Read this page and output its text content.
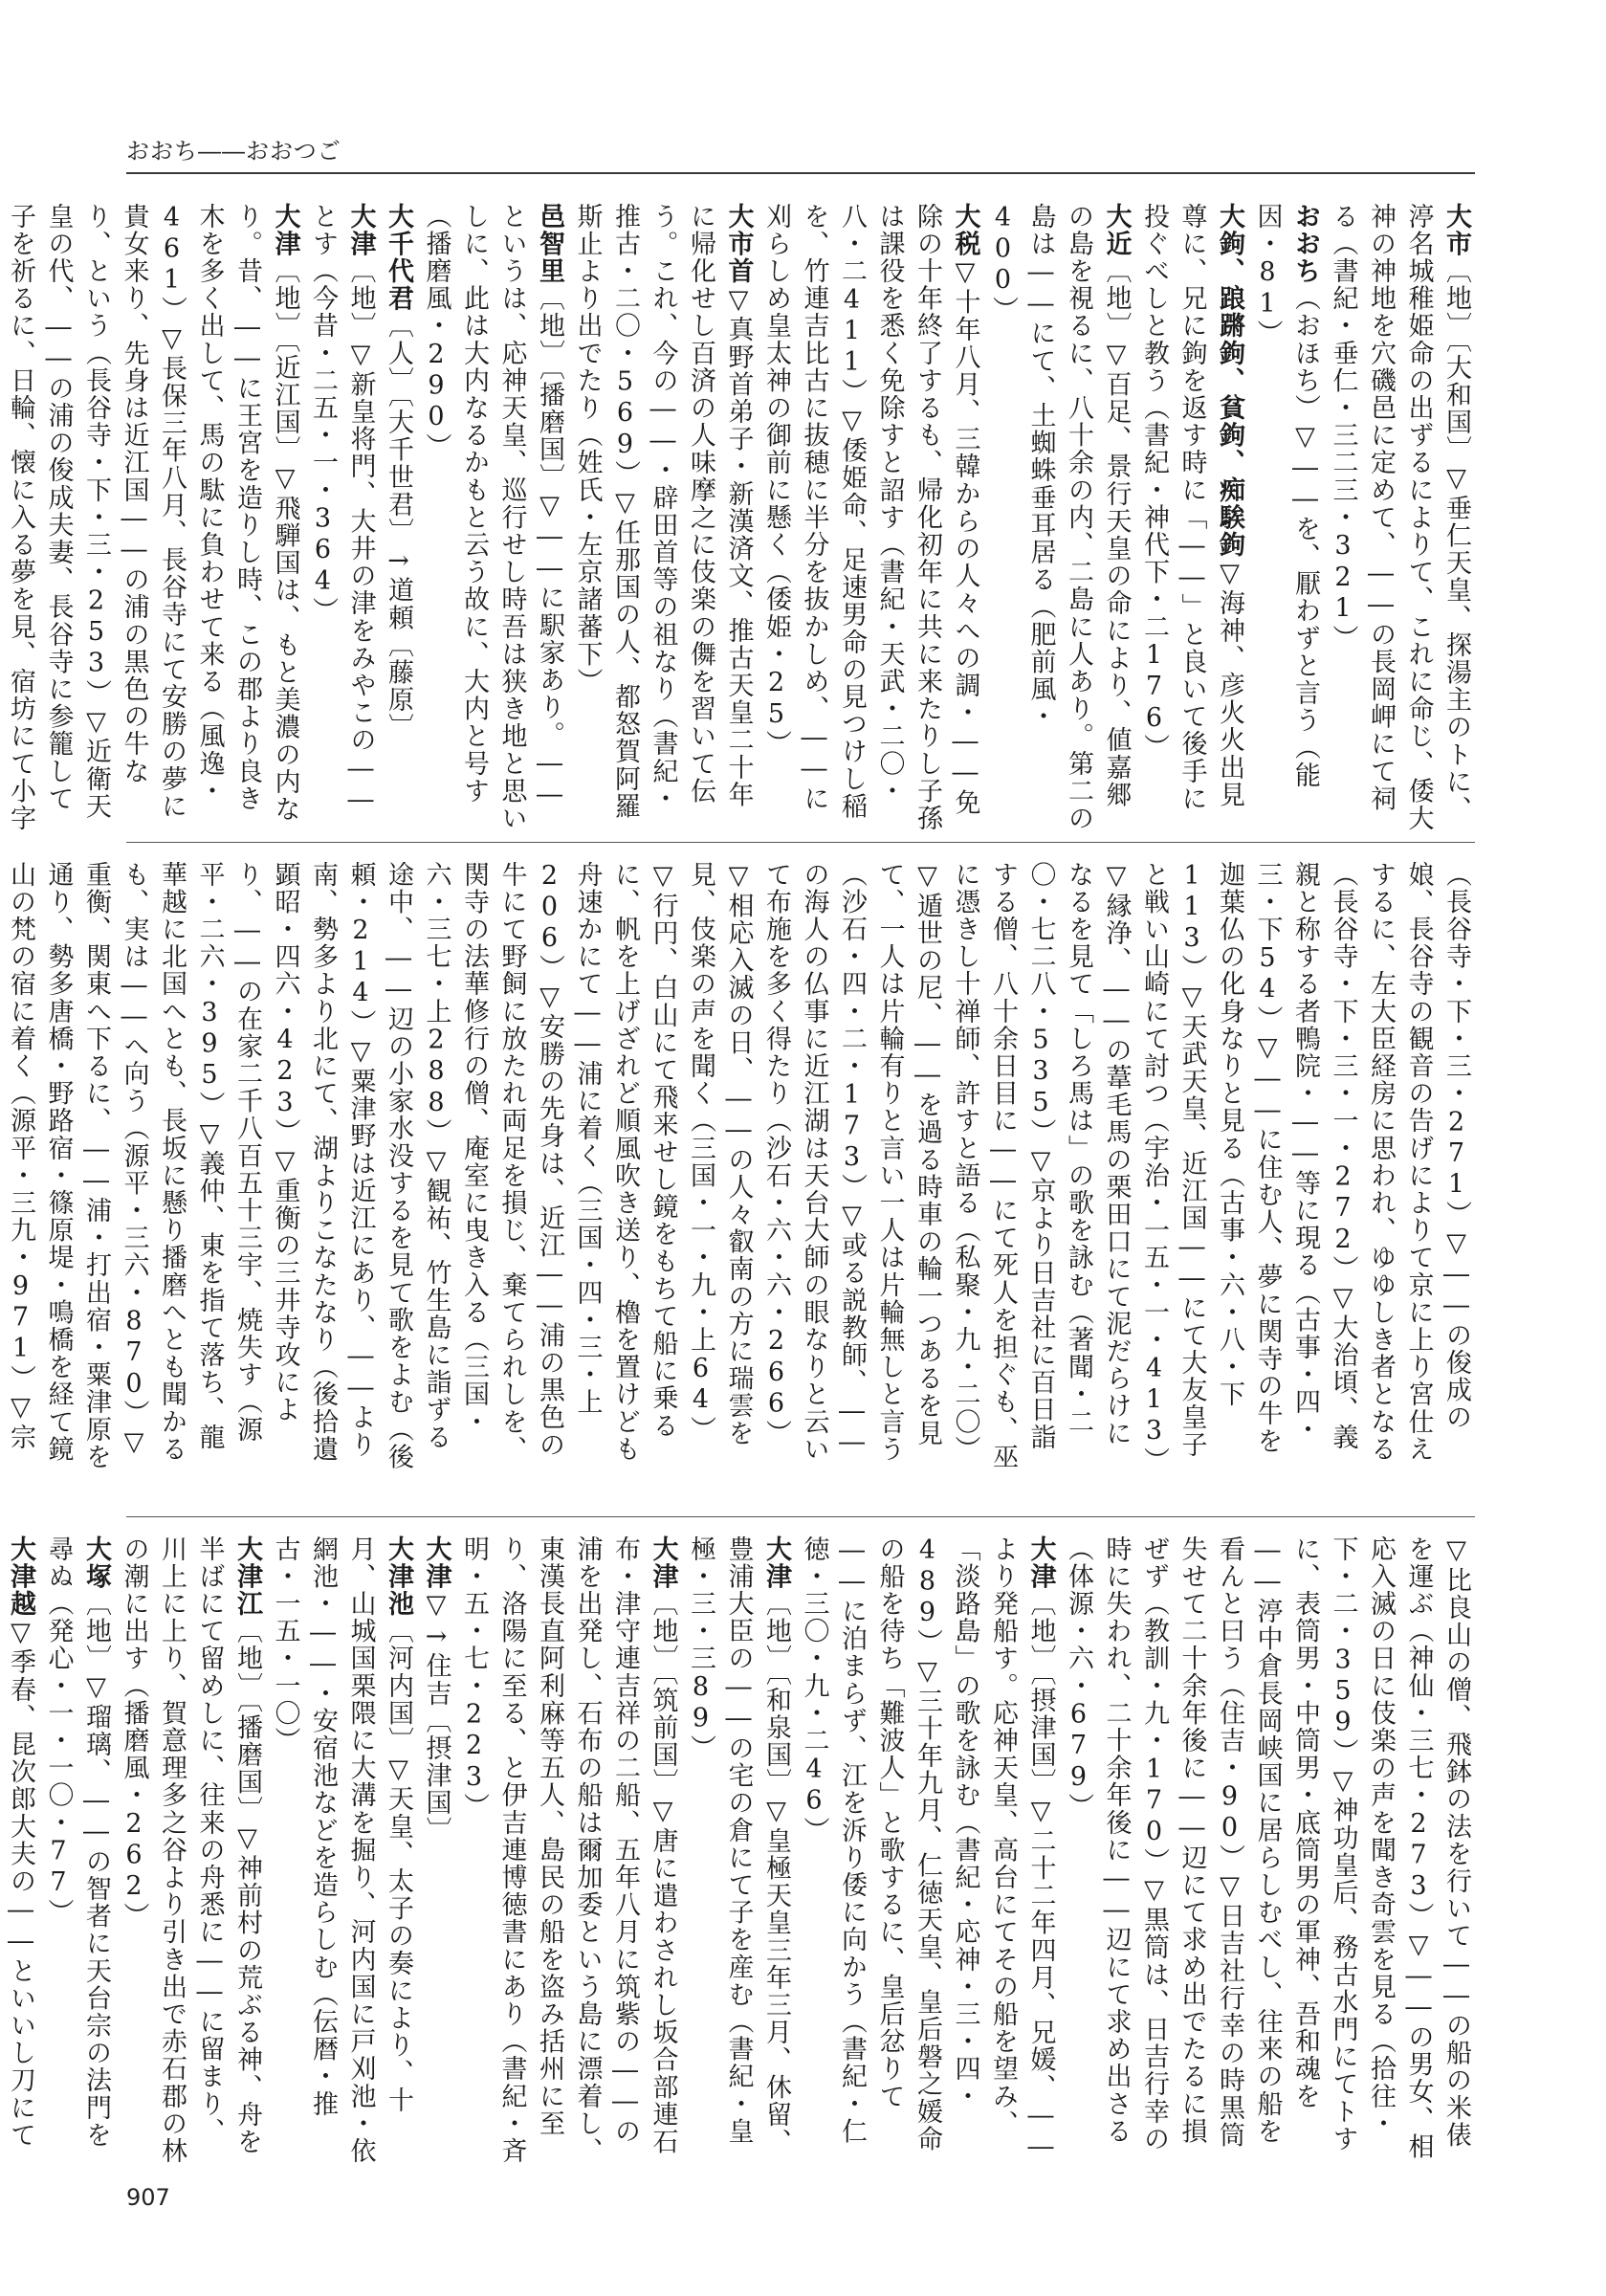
おおち――おおつご

大市〔地〕〔大和国〕▽垂仁天皇、探湯主のトに、渟名城稚姫命の出ずるによりて、これに命じ、倭大神の神地を穴磯邑に定めて、――の長岡岬にて祠る（書紀・垂仁・三二三・321）

おおち（おほち）▽――を、厭わずと言う（能因・81）

大鉤、踉蹡鉤、貧鉤、痴騃鉤▽海神、彦火火出見尊に、兄に鉤を返す時に「――」と良いて後手に投ぐべしと教う（書紀・神代下・二176）

大近〔地〕▽百足、景行天皇の命により、値嘉郷の島を視るに、八十余の内、二島に人あり。第二の島は――にて、土蜘蛛垂耳居る（肥前風・400）

大税▽十年八月、三韓からの人々への調・――免除の十年終了するも、帰化初年に共に来たりし子孫は課役を悉く免除すと詔す（書紀・天武・二〇・八・二411）▽倭姫命、足速男命の見つけし稲を、竹連吉比古に抜穂に半分を抜かしめ、――に刈らしめ皇太神の御前に懸く（倭姫・25）

大市首▽真野首弟子・新漢済文、推古天皇二十年に帰化せし百済の人味摩之に伎楽の儛を習いて伝う。これ、今の――・辟田首等の祖なり（書紀・推古・二〇・569）▽任那国の人、都怒賀阿羅斯止より出でたり（姓氏・左京諸蕃下）

邑智里〔地〕〔播磨国〕▽――に駅家あり。――というは、応神天皇、巡行せし時吾は狭き地と思いしに、此は大内なるかもと云う故に、大内と号す（播磨風・290）

大千代君〔人〕〔大千世君〕→道頼〔藤原〕

大津〔地〕▽新皇将門、大井の津をみやこの――とす（今昔・二五・一・364）

大津〔地〕〔近江国〕▽飛騨国は、もと美濃の内なり。昔、――に王宮を造りし時、この郡より良き木を多く出して、馬の駄に負わせて来る（風逸・461）▽長保三年八月、長谷寺にて安勝の夢に貴女来り、先身は近江国――の浦の黒色の牛なり、という（長谷寺・下・三・253）▽近衛天皇の代、――の浦の俊成夫妻、長谷寺に参籠して子を祈るに、日輪、懐に入る夢を見、宿坊にて小字

（長谷寺・下・三・271）▽――の俊成の娘、長谷寺の観音の告げによりて京に上り宮仕えするに、左大臣経房に思われ、ゆゆしき者となる（長谷寺・下・三・一・272）▽大治頃、義親と称する者鴨院・――等に現る（古事・四・三・下54）▽――に住む人、夢に関寺の牛を迦葉仏の化身なりと見る（古事・六・八・下113）▽天武天皇、近江国――にて大友皇子と戦い山崎にて討つ（宇治・一五・一・413）▽縁浄、――の葦毛馬の栗田口にて泥だらけになるを見て「しろ馬は」の歌を詠む（著聞・二〇・七二八・535）▽京より日吉社に百日詣する僧、八十余日目に――にて死人を担ぐも、巫に憑きし十禅師、許すと語る（私聚・九・二〇）▽遁世の尼、――を過る時車の輪一つあるを見て、一人は片輪有りと言い一人は片輪無しと言う（沙石・四・二・173）▽或る説教師、――の海人の仏事に近江湖は天台大師の眼なりと云いて布施を多く得たり（沙石・六・六・266）▽相応入滅の日、――の人々叡南の方に瑞雲を見、伎楽の声を聞く（三国・一・九・上64）▽行円、白山にて飛来せし鏡をもちて船に乗るに、帆を上げざれど順風吹き送り、櫓を置けども舟速かにて――浦に着く（三国・四・三・上206）▽安勝の先身は、近江――浦の黒色の牛にて野飼に放たれ両足を損じ、棄てられしを、関寺の法華修行の僧、庵室に曳き入る（三国・六・三七・上288）▽観祐、竹生島に詣ずる途中、――辺の小家水没するを見て歌をよむ（後頼・214）▽粟津野は近江にあり、――より南、勢多より北にて、湖よりこなたなり（後拾遺顕昭・四六・423）▽重衡の三井寺攻により、――の在家二千八百五十三宇、焼失す（源平・二六・395）▽義仲、東を指て落ち、龍華越に北国へとも、長坂に懸り播磨へとも聞かるも、実は――へ向う（源平・三六・870）▽重衡、関東へ下るに、――浦・打出宿・粟津原を通り、勢多唐橋・野路宿・篠原堤・鳴橋を経て鏡山の梵の宿に着く（源平・三九・971）▽宗

▽比良山の僧、飛鉢の法を行いて――の船の米俵を運ぶ（神仙・三七・273）▽――の男女、相応入滅の日に伎楽の声を聞き奇雲を見る（拾往・下・二・359）▽神功皇后、務古水門にてトすに、表筒男・中筒男・底筒男の軍神、吾和魂を――渟中倉長岡峡国に居らしむべし、往来の船を看んと曰う（住吉・90）▽日吉社行幸の時黒筒失せて二十余年後に――辺にて求め出でたるに損ぜず（教訓・九・170）▽黒筒は、日吉行幸の時に失われ、二十余年後に――辺にて求め出さる（体源・六・679）

大津〔地〕〔摂津国〕▽二十二年四月、兄媛、――より発船す。応神天皇、高台にてその船を望み、「淡路島」の歌を詠む（書紀・応神・三・四・489）▽三十年九月、仁徳天皇、皇后磐之媛命の船を待ち「難波人」と歌するに、皇后忿りて――に泊まらず、江を泝り倭に向かう（書紀・仁徳・三〇・九・二46）

大津〔地〕〔和泉国〕▽皇極天皇三年三月、休留、豊浦大臣の――の宅の倉にて子を産む（書紀・皇極・三・三89）

大津〔地〕〔筑前国〕▽唐に遣わされし坂合部連石布・津守連吉祥の二船、五年八月に筑紫の――の浦を出発し、石布の船は爾加委という島に漂着し、東漢長直阿利麻等五人、島民の船を盗み括州に至り、洛陽に至る、と伊吉連博徳書にあり（書紀・斉明・五・七・223）

大津▽→住吉〔摂津国〕

大津池〔河内国〕▽天皇、太子の奏により、十月、山城国栗隈に大溝を掘り、河内国に戸刈池・依網池・――・安宿池などを造らしむ（伝暦・推古・一五・一〇）

大津江〔地〕〔播磨国〕▽神前村の荒ぶる神、舟を半ばにて留めしに、往来の舟悉に――に留まり、川上に上り、賀意理多之谷より引き出で赤石郡の林の潮に出す（播磨風・262）

大塚〔地〕▽瑠璃、――の智者に天台宗の法門を尋ぬ（発心・一・一〇・77）

大津越▽季春、昆次郎大夫の――といいし刀にて

907
